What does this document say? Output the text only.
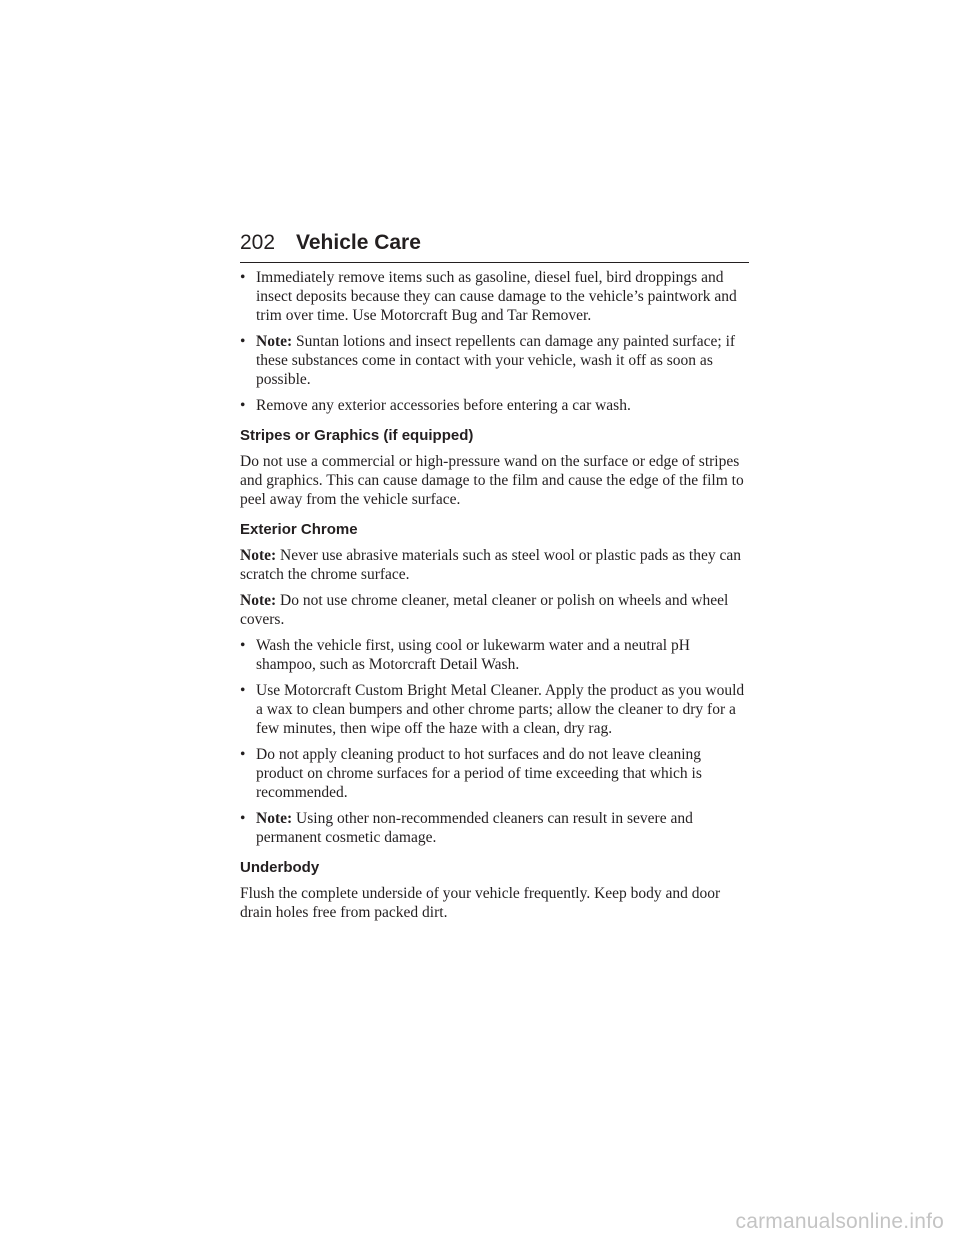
202 Vehicle Care
• Immediately remove items such as gasoline, diesel fuel, bird droppings and insect deposits because they can cause damage to the vehicle’s paintwork and trim over time. Use Motorcraft Bug and Tar Remover.
• Note: Suntan lotions and insect repellents can damage any painted surface; if these substances come in contact with your vehicle, wash it off as soon as possible.
• Remove any exterior accessories before entering a car wash.
Stripes or Graphics (if equipped)

Do not use a commercial or high-pressure wand on the surface or edge of stripes and graphics. This can cause damage to the film and cause the edge of the film to peel away from the vehicle surface.

Exterior Chrome

Note: Never use abrasive materials such as steel wool or plastic pads as they can scratch the chrome surface.

Note: Do not use chrome cleaner, metal cleaner or polish on wheels and wheel covers.

• Wash the vehicle first, using cool or lukewarm water and a neutral pH shampoo, such as Motorcraft Detail Wash.
• Use Motorcraft Custom Bright Metal Cleaner. Apply the product as you would a wax to clean bumpers and other chrome parts; allow the cleaner to dry for a few minutes, then wipe off the haze with a clean, dry rag.
• Do not apply cleaning product to hot surfaces and do not leave cleaning product on chrome surfaces for a period of time exceeding that which is recommended.
• Note: Using other non-recommended cleaners can result in severe and permanent cosmetic damage.
Underbody

Flush the complete underside of your vehicle frequently. Keep body and door drain holes free from packed dirt.

carmanualsonline.info
